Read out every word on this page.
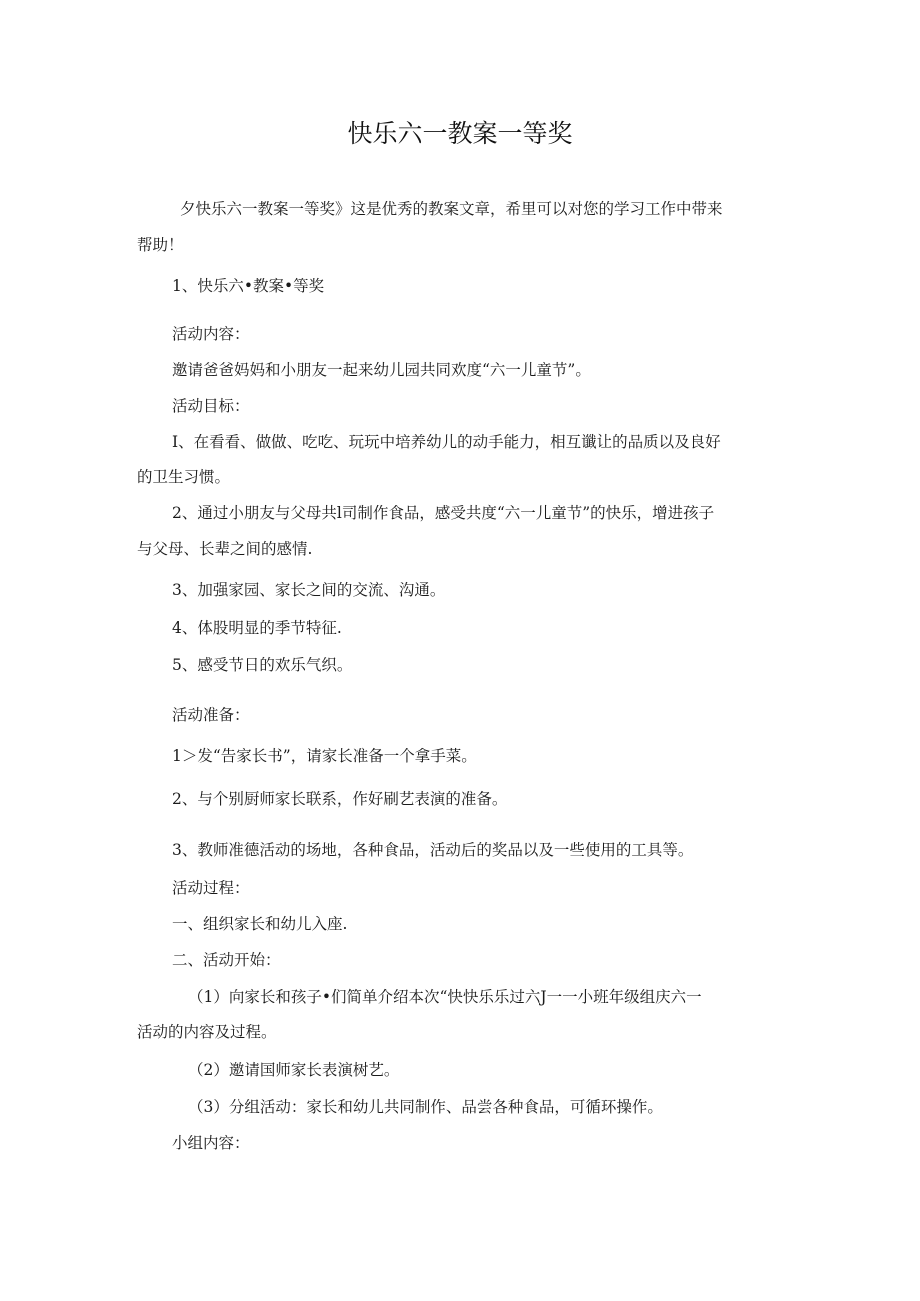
快乐六一教案一等奖
夕快乐六一教案一等奖》这是优秀的教案文章，希里可以对您的学习工作中带来
帮助！
1、快乐六•教案•等奖
活动内容：
邀请爸爸妈妈和小朋友一起来幼儿园共同欢度“六一儿童节”。
活动目标：
I、在看看、做做、吃吃、玩玩中培养幼儿的动手能力，相互谶让的品质以及良好
的卫生习惯。
2、通过小朋友与父母共l司制作食品，感受共度“六一儿童节”的快乐，增进孩子
与父母、长辈之间的感情.
3、加强家园、家长之间的交流、沟通。
4、体股明显的季节特征.
5、感受节日的欢乐气织。
活动准备：
1＞发“告家长书”，请家长准备一个拿手菜。
2、与个别厨师家长联系，作好刷艺表演的准备。
3、教师准德活动的场地，各种食品，活动后的奖品以及一些使用的工具等。
活动过程：
一、组织家长和幼儿入座.
二、活动开始：
（1）向家长和孩子•们简单介绍本次“快快乐乐过六J一一小班年级组庆六一
活动的内容及过程。
（2）邀请国师家长表演树艺。
（3）分组活动：家长和幼儿共同制作、品尝各种食品，可循环操作。
小组内容：
